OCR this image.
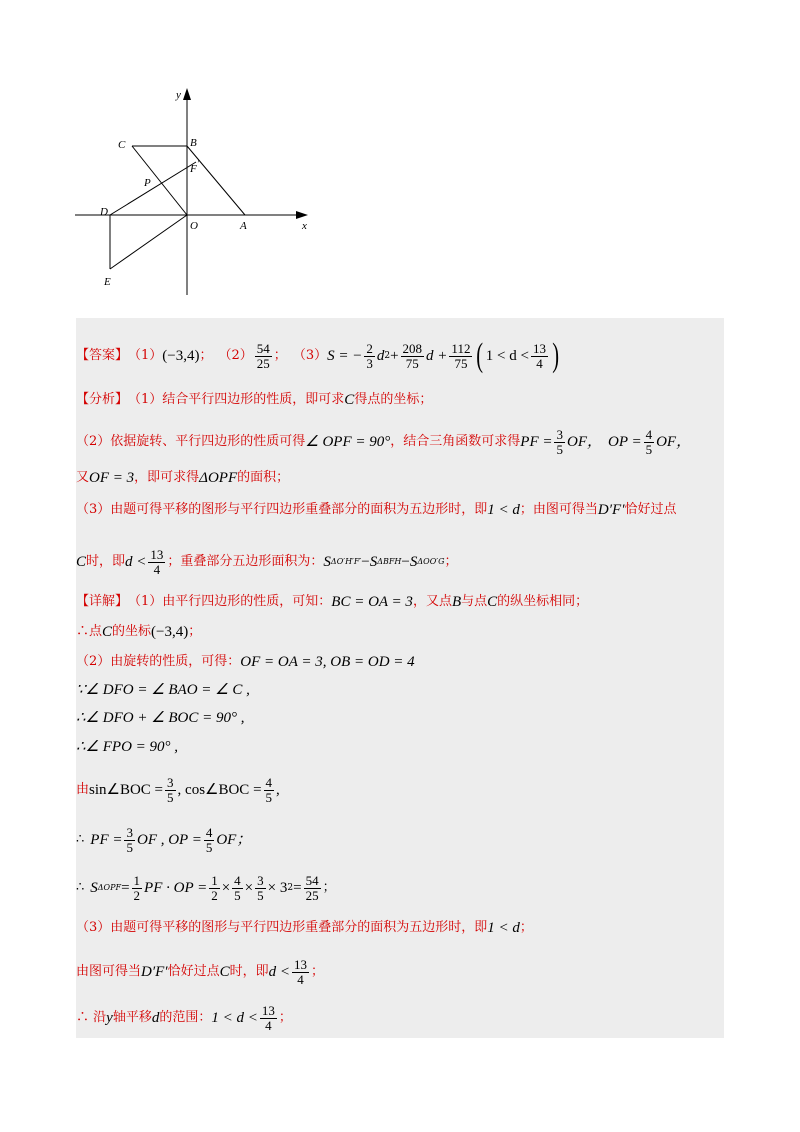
y
x
C	B
F ′
P
D
O	A
E
【答案】 （1） (−3,4) ； $(2) \frac{54}{25}$ ； （3） S = − $\frac{2}{3}$ d $2 + \frac{208}{75}$ $d + \frac{112}{75}$ ( $1 < d < \frac{13}{4}$ )
【分析】 （1）结合平行四边形的性质，即可求 C 得点的坐标；
（2）依据旋转、平行四边形的性质可得 ∠ OPF = 90° ，结合三角函数可求得 PF = $\frac{3}{5}$ OF， OP = $\frac{4}{5}$ OF，
又 OF = 3 ，即可求得 ΔOPF 的面积；
（3）由题可得平移的图形与平行四边形重叠部分的面积为五边形时，即 1 < d ；由图可得当 D′F′ 恰好过点
C 时，即 $d < \frac{13}{4}$ ；重叠部分五边形面积为： S ΔO′H′F′ − S ΔBFH − S ΔOO′G ；
【详解】 （1）由平行四边形的性质，可知： BC = OA = 3 ，又点 B 与点 C 的纵坐标相同；
∴点 C 的坐标 (−3,4) ；
（2）由旋转的性质，可得： OF = OA = 3, OB = OD = 4
∵∠ DFO = ∠ BAO = ∠ C ,
∴∠ DFO + ∠ BOC = 90° ,
∴∠ FPO = 90° ,
由 sin∠BOC = $\frac{3}{5}$ , cos∠BOC = $\frac{4}{5}$ ,
∴ PF = $\frac{3}{5}$ OF , OP = $\frac{4}{5}$ OF；
∴ S $\Delta OPF = \frac{1}{2}$ PF · OP = $\frac{1}{2} \times \frac{4}{5} \times \frac{3}{5} \times 3$ $2 = \frac{54}{25}$ ；
（3）由题可得平移的图形与平行四边形重叠部分的面积为五边形时，即 1 < d ；
由图可得当 D′F′ 恰好过点 C 时，即 $d < \frac{13}{4}$ ；
∴ 沿 y 轴平移 d 的范围： $1 < d < \frac{13}{4}$ ；
